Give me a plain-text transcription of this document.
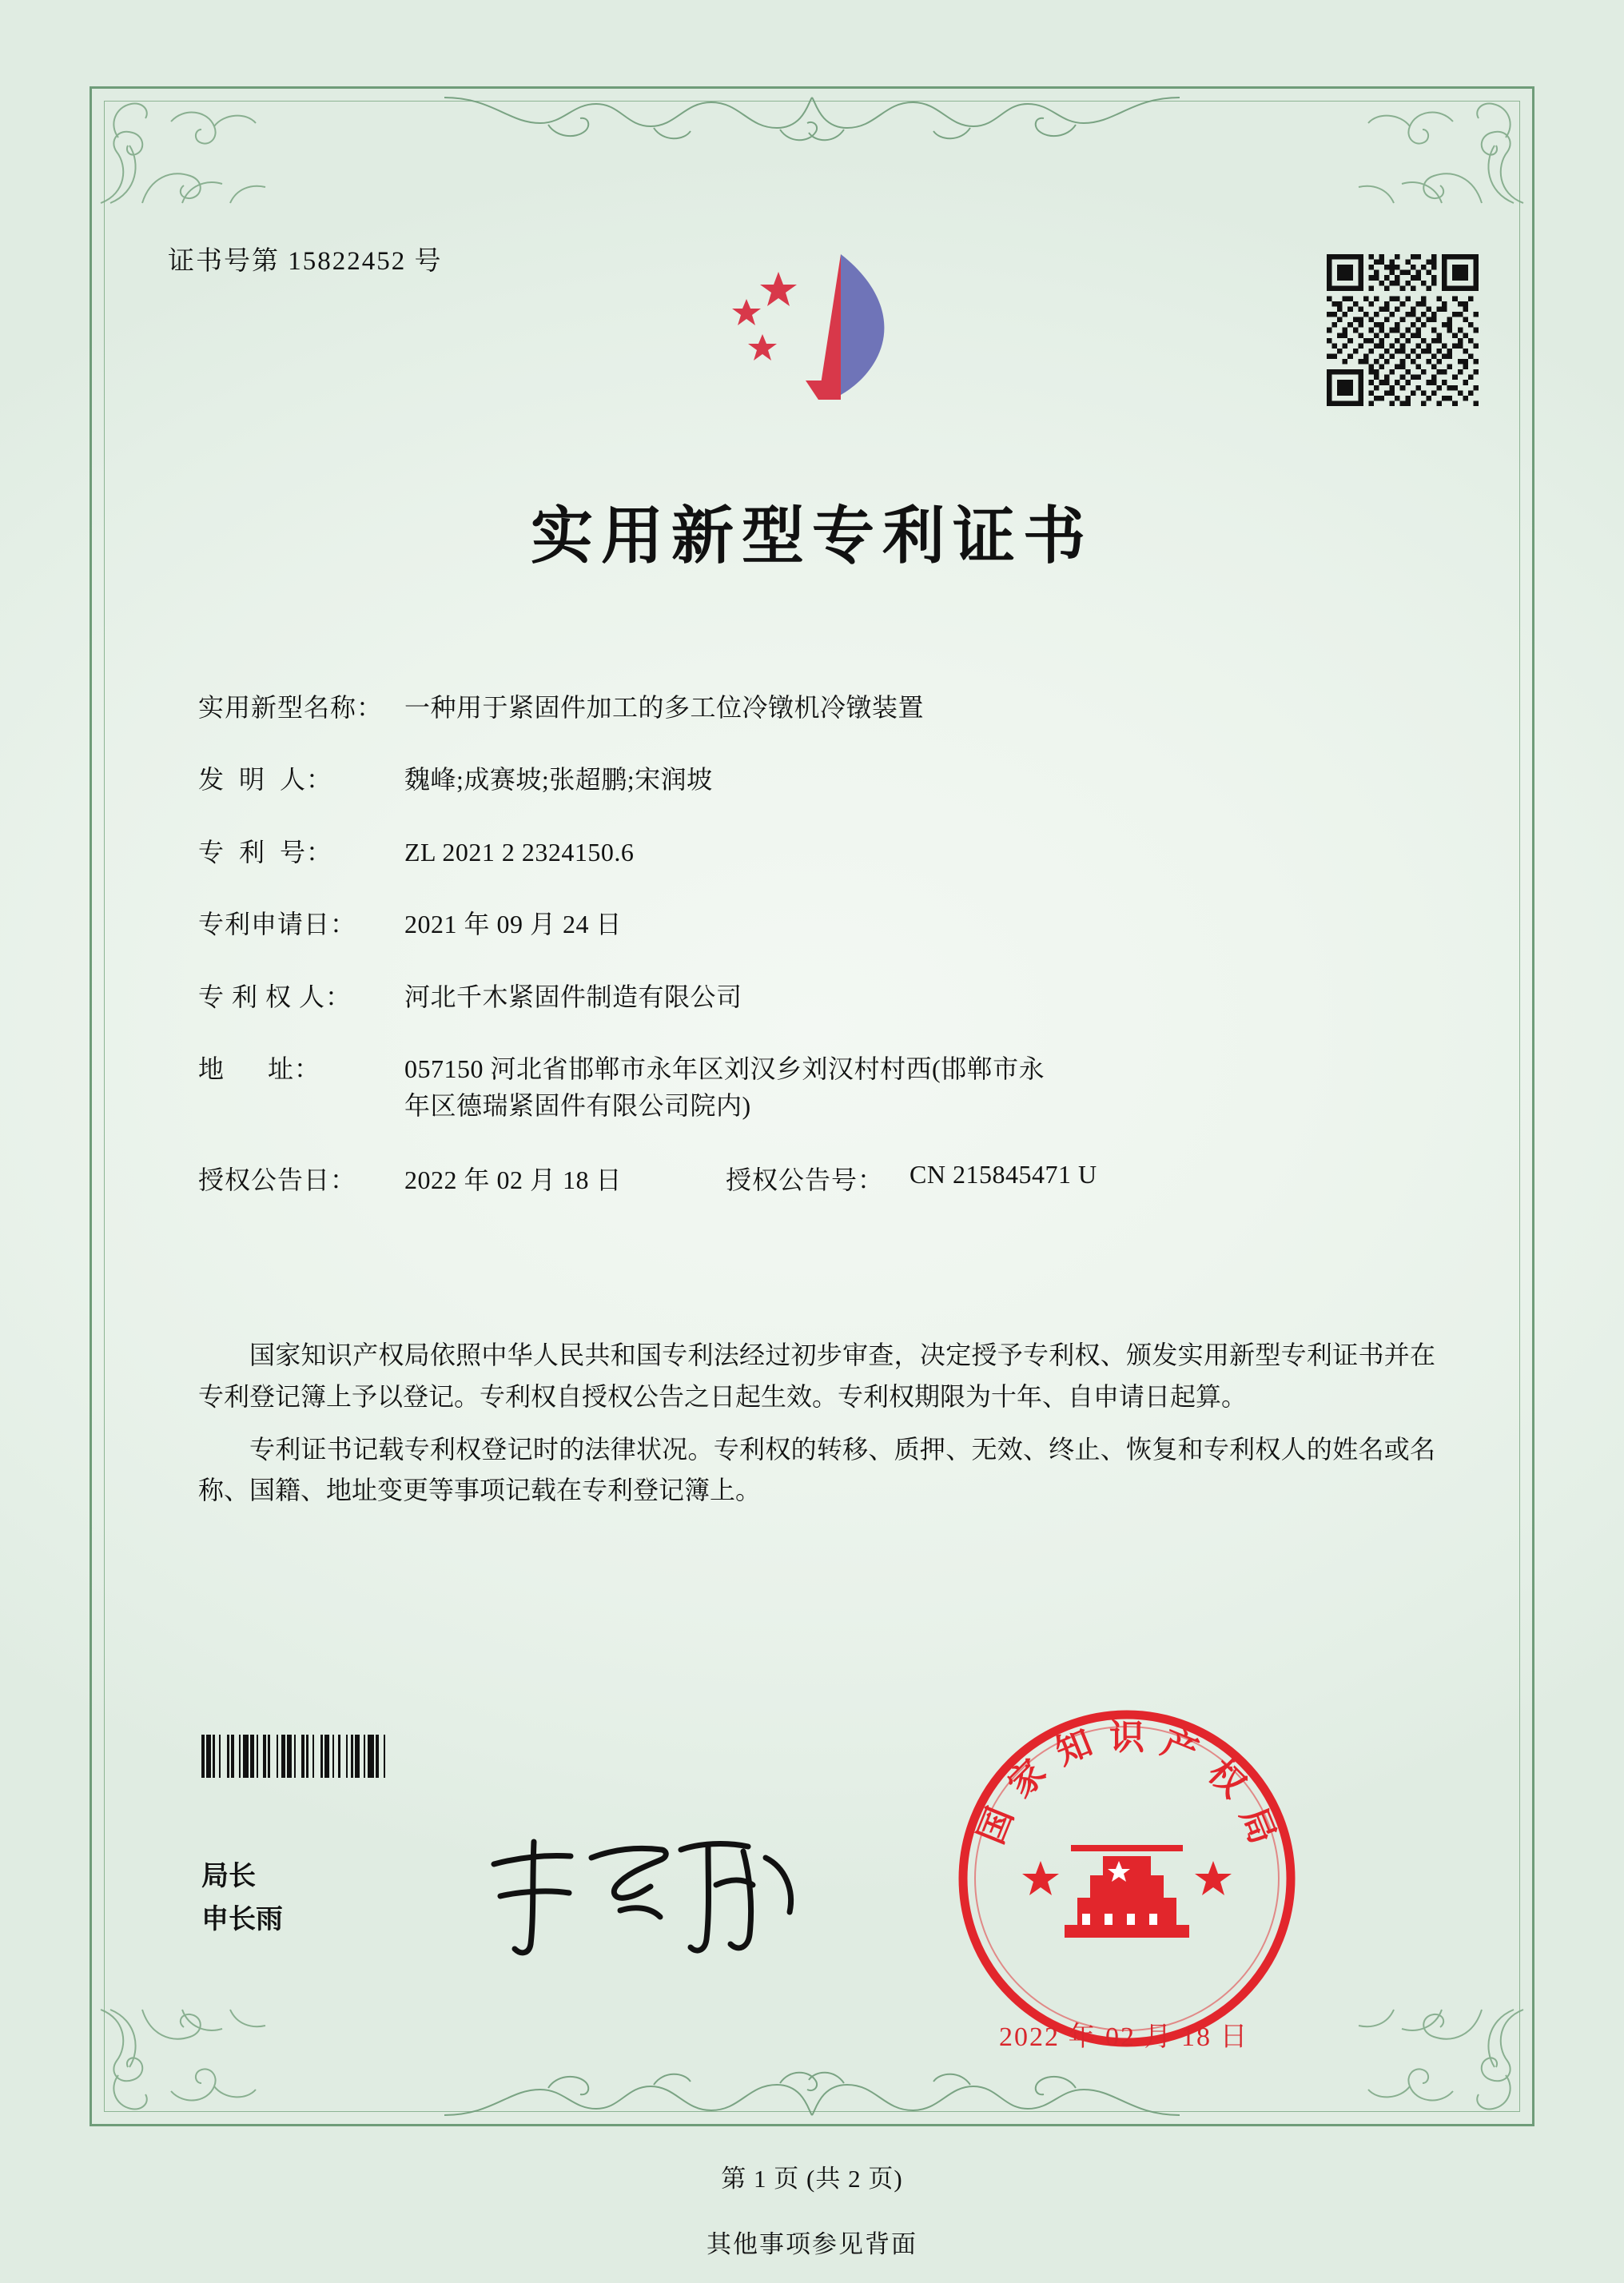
证书号第 15822452 号
实用新型专利证书
实用新型名称： 一种用于紧固件加工的多工位冷镦机冷镦装置
发  明  人：	魏峰;成赛坡;张超鹏;宋润坡
专  利  号：	ZL 2021 2 2324150.6
专利申请日：	2021 年 09 月 24 日
专 利 权 人：	河北千木紧固件制造有限公司
地      址：	057150 河北省邯郸市永年区刘汉乡刘汉村村西(邯郸市永
年区德瑞紧固件有限公司院内)
授权公告日：	2022 年 02 月 18 日	授权公告号： CN 215845471 U

国家知识产权局依照中华人民共和国专利法经过初步审查，决定授予专利权、颁发实用新型专利证书并在专利登记簿上予以登记。专利权自授权公告之日起生效。专利权期限为十年、自申请日起算。

专利证书记载专利权登记时的法律状况。专利权的转移、质押、无效、终止、恢复和专利权人的姓名或名称、国籍、地址变更等事项记载在专利登记簿上。

局长
申长雨
国
家
知 识 产
权
局
2022 年 02 月 18 日
第 1 页 (共 2 页)
其他事项参见背面
